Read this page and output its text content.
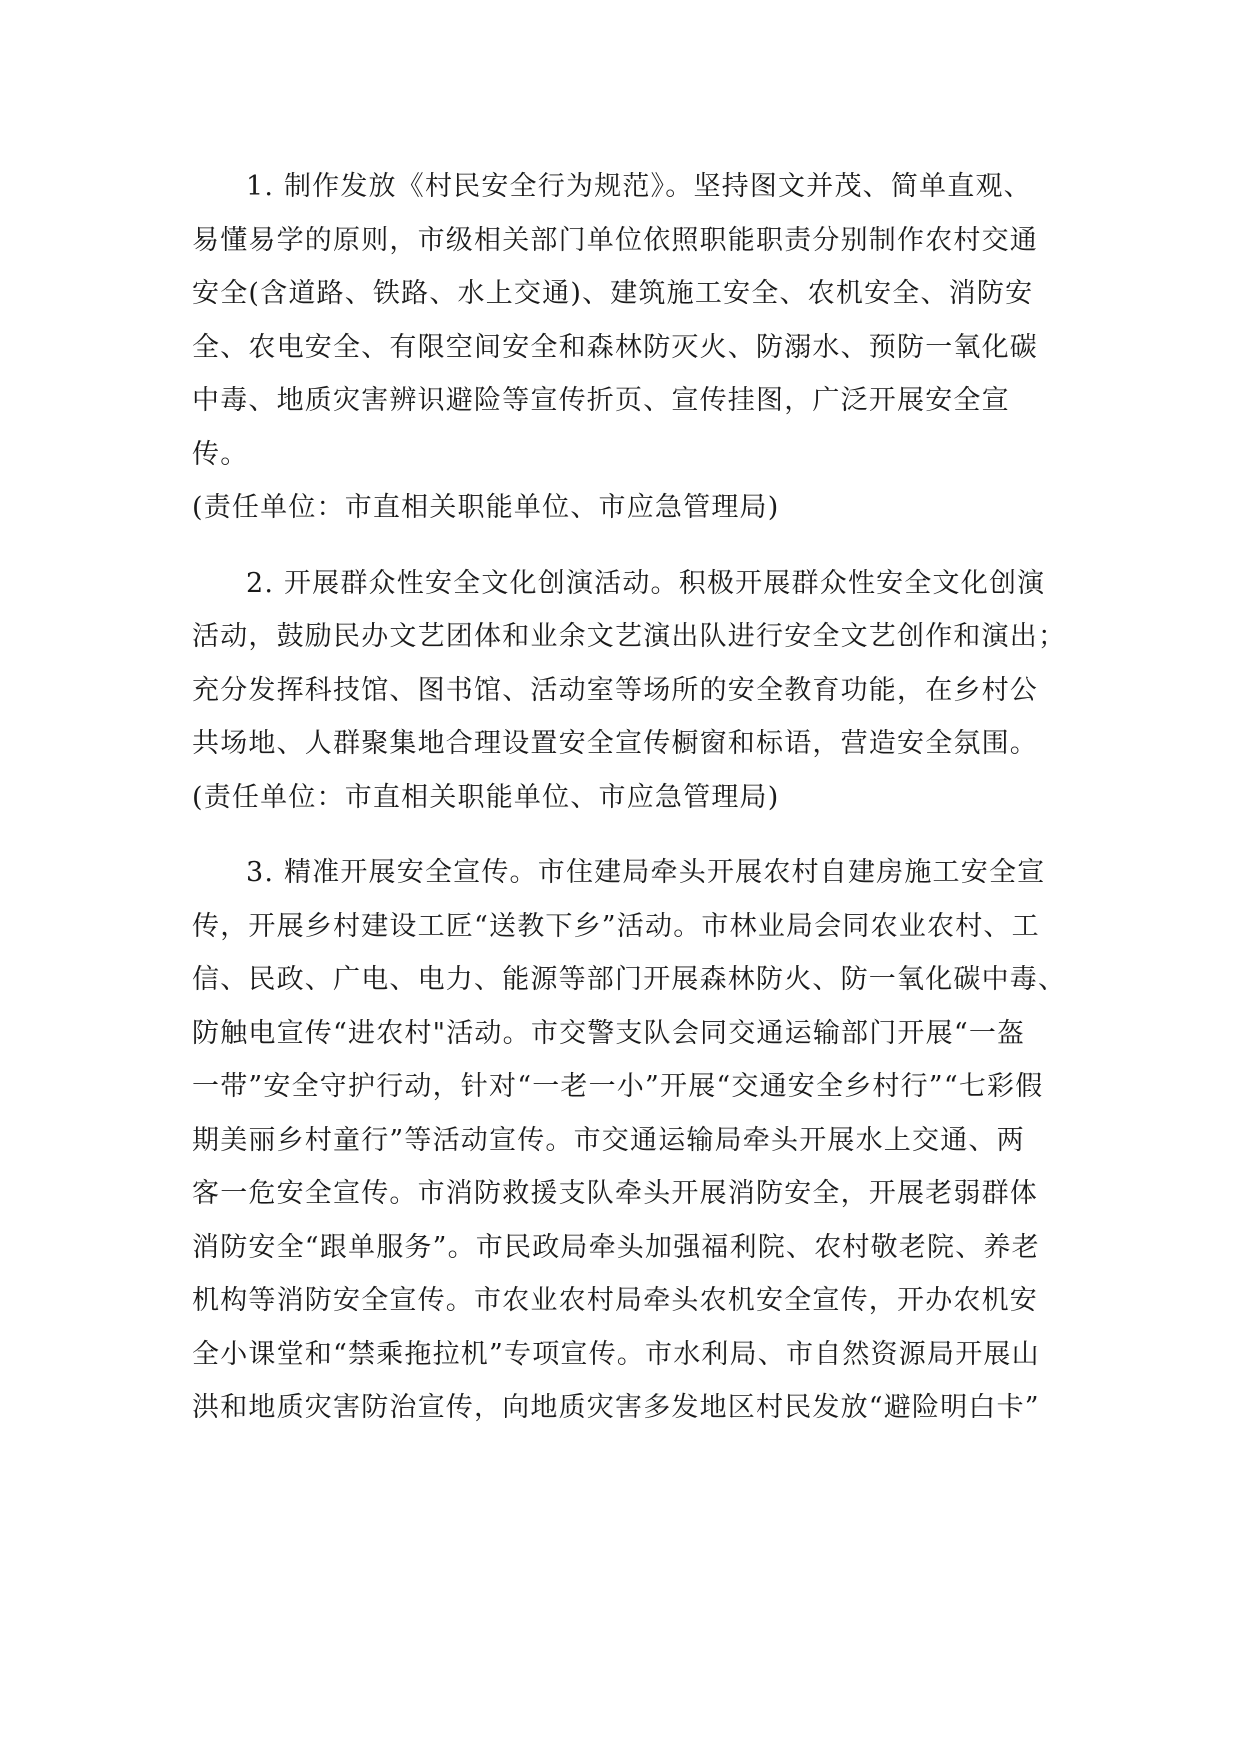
1. 制作发放《村民安全行为规范》。坚持图文并茂、简单直观、
易懂易学的原则，市级相关部门单位依照职能职责分别制作农村交通
安全(含道路、铁路、水上交通)、建筑施工安全、农机安全、消防安
全、农电安全、有限空间安全和森林防灭火、防溺水、预防一氧化碳
中毒、地质灾害辨识避险等宣传折页、宣传挂图，广泛开展安全宣
传。
(责任单位：市直相关职能单位、市应急管理局)
2. 开展群众性安全文化创演活动。积极开展群众性安全文化创演
活动，鼓励民办文艺团体和业余文艺演出队进行安全文艺创作和演出；
充分发挥科技馆、图书馆、活动室等场所的安全教育功能，在乡村公
共场地、人群聚集地合理设置安全宣传橱窗和标语，营造安全氛围。
(责任单位：市直相关职能单位、市应急管理局)
3. 精准开展安全宣传。市住建局牵头开展农村自建房施工安全宣
传，开展乡村建设工匠“送教下乡”活动。市林业局会同农业农村、工
信、民政、广电、电力、能源等部门开展森林防火、防一氧化碳中毒、
防触电宣传“进农村"活动。市交警支队会同交通运输部门开展“一盔
一带”安全守护行动，针对“一老一小”开展“交通安全乡村行”“七彩假
期美丽乡村童行”等活动宣传。市交通运输局牵头开展水上交通、两
客一危安全宣传。市消防救援支队牵头开展消防安全，开展老弱群体
消防安全“跟单服务”。市民政局牵头加强福利院、农村敬老院、养老
机构等消防安全宣传。市农业农村局牵头农机安全宣传，开办农机安
全小课堂和“禁乘拖拉机”专项宣传。市水利局、市自然资源局开展山
洪和地质灾害防治宣传，向地质灾害多发地区村民发放“避险明白卡”
